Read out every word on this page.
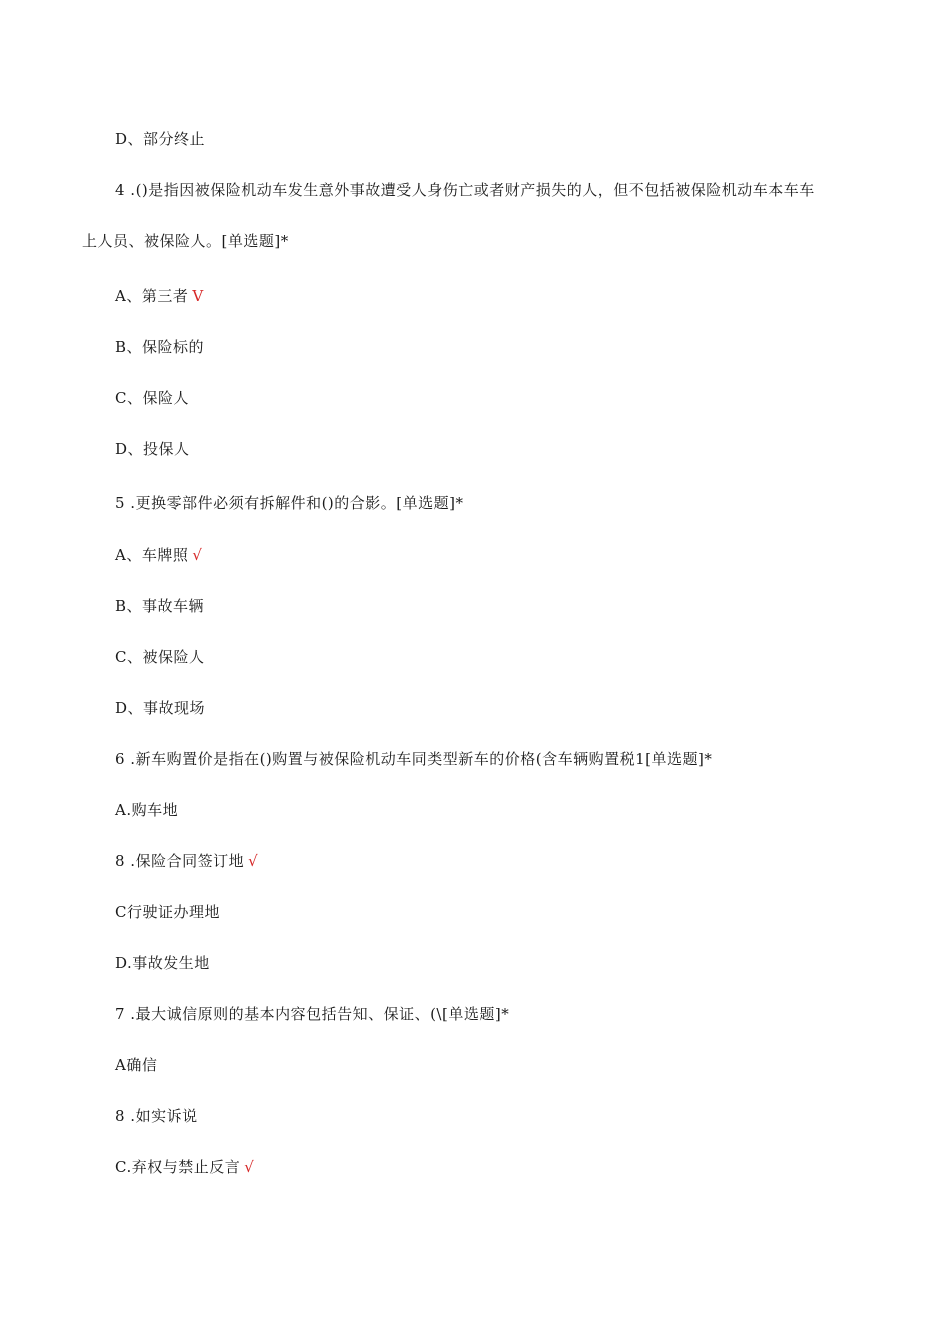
D、部分终止
4 .()是指因被保险机动车发生意外事故遭受人身伤亡或者财产损失的人，但不包括被保险机动车本车车
上人员、被保险人。[单选题]*
A、第三者 V
B、保险标的
C、保险人
D、投保人
5 .更换零部件必须有拆解件和()的合影。[单选题]*
A、车牌照 √
B、事故车辆
C、被保险人
D、事故现场
6 .新车购置价是指在()购置与被保险机动车同类型新车的价格(含车辆购置税1[单选题]*
A.购车地
8 .保险合同签订地 √
C行驶证办理地
D.事故发生地
7 .最大诚信原则的基本内容包括告知、保证、(\[单选题]*
A确信
8 .如实诉说
C.弃权与禁止反言 √
